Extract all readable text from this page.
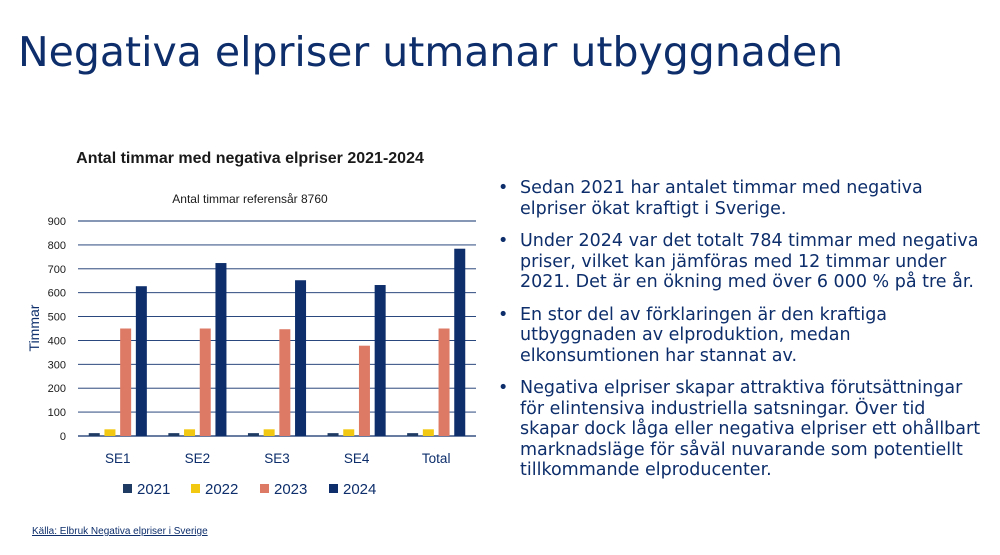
Negativa elpriser utmanar utbyggnaden
Antal timmar med negativa elpriser 2021-2024
Antal timmar referensår 8760
0
100
200
300
400
500
600
700
800
900
Timmar
SE1	SE2	SE3	SE4	Total
2021 2022 2023 2024
• Sedan 2021 har antalet timmar med negativa elpriser ökat kraftigt i Sverige.
• Under 2024 var det totalt 784 timmar med negativa priser, vilket kan jämföras med 12 timmar under 2021. Det är en ökning med över 6 000 % på tre år.
• En stor del av förklaringen är den kraftiga utbyggnaden av elproduktion, medan elkonsumtionen har stannat av.
• Negativa elpriser skapar attraktiva förutsättningar för elintensiva industriella satsningar. Över tid skapar dock låga eller negativa elpriser ett ohållbart marknadsläge för såväl nuvarande som potentiellt tillkommande elproducenter.
Källa: Elbruk Negativa elpriser i Sverige
